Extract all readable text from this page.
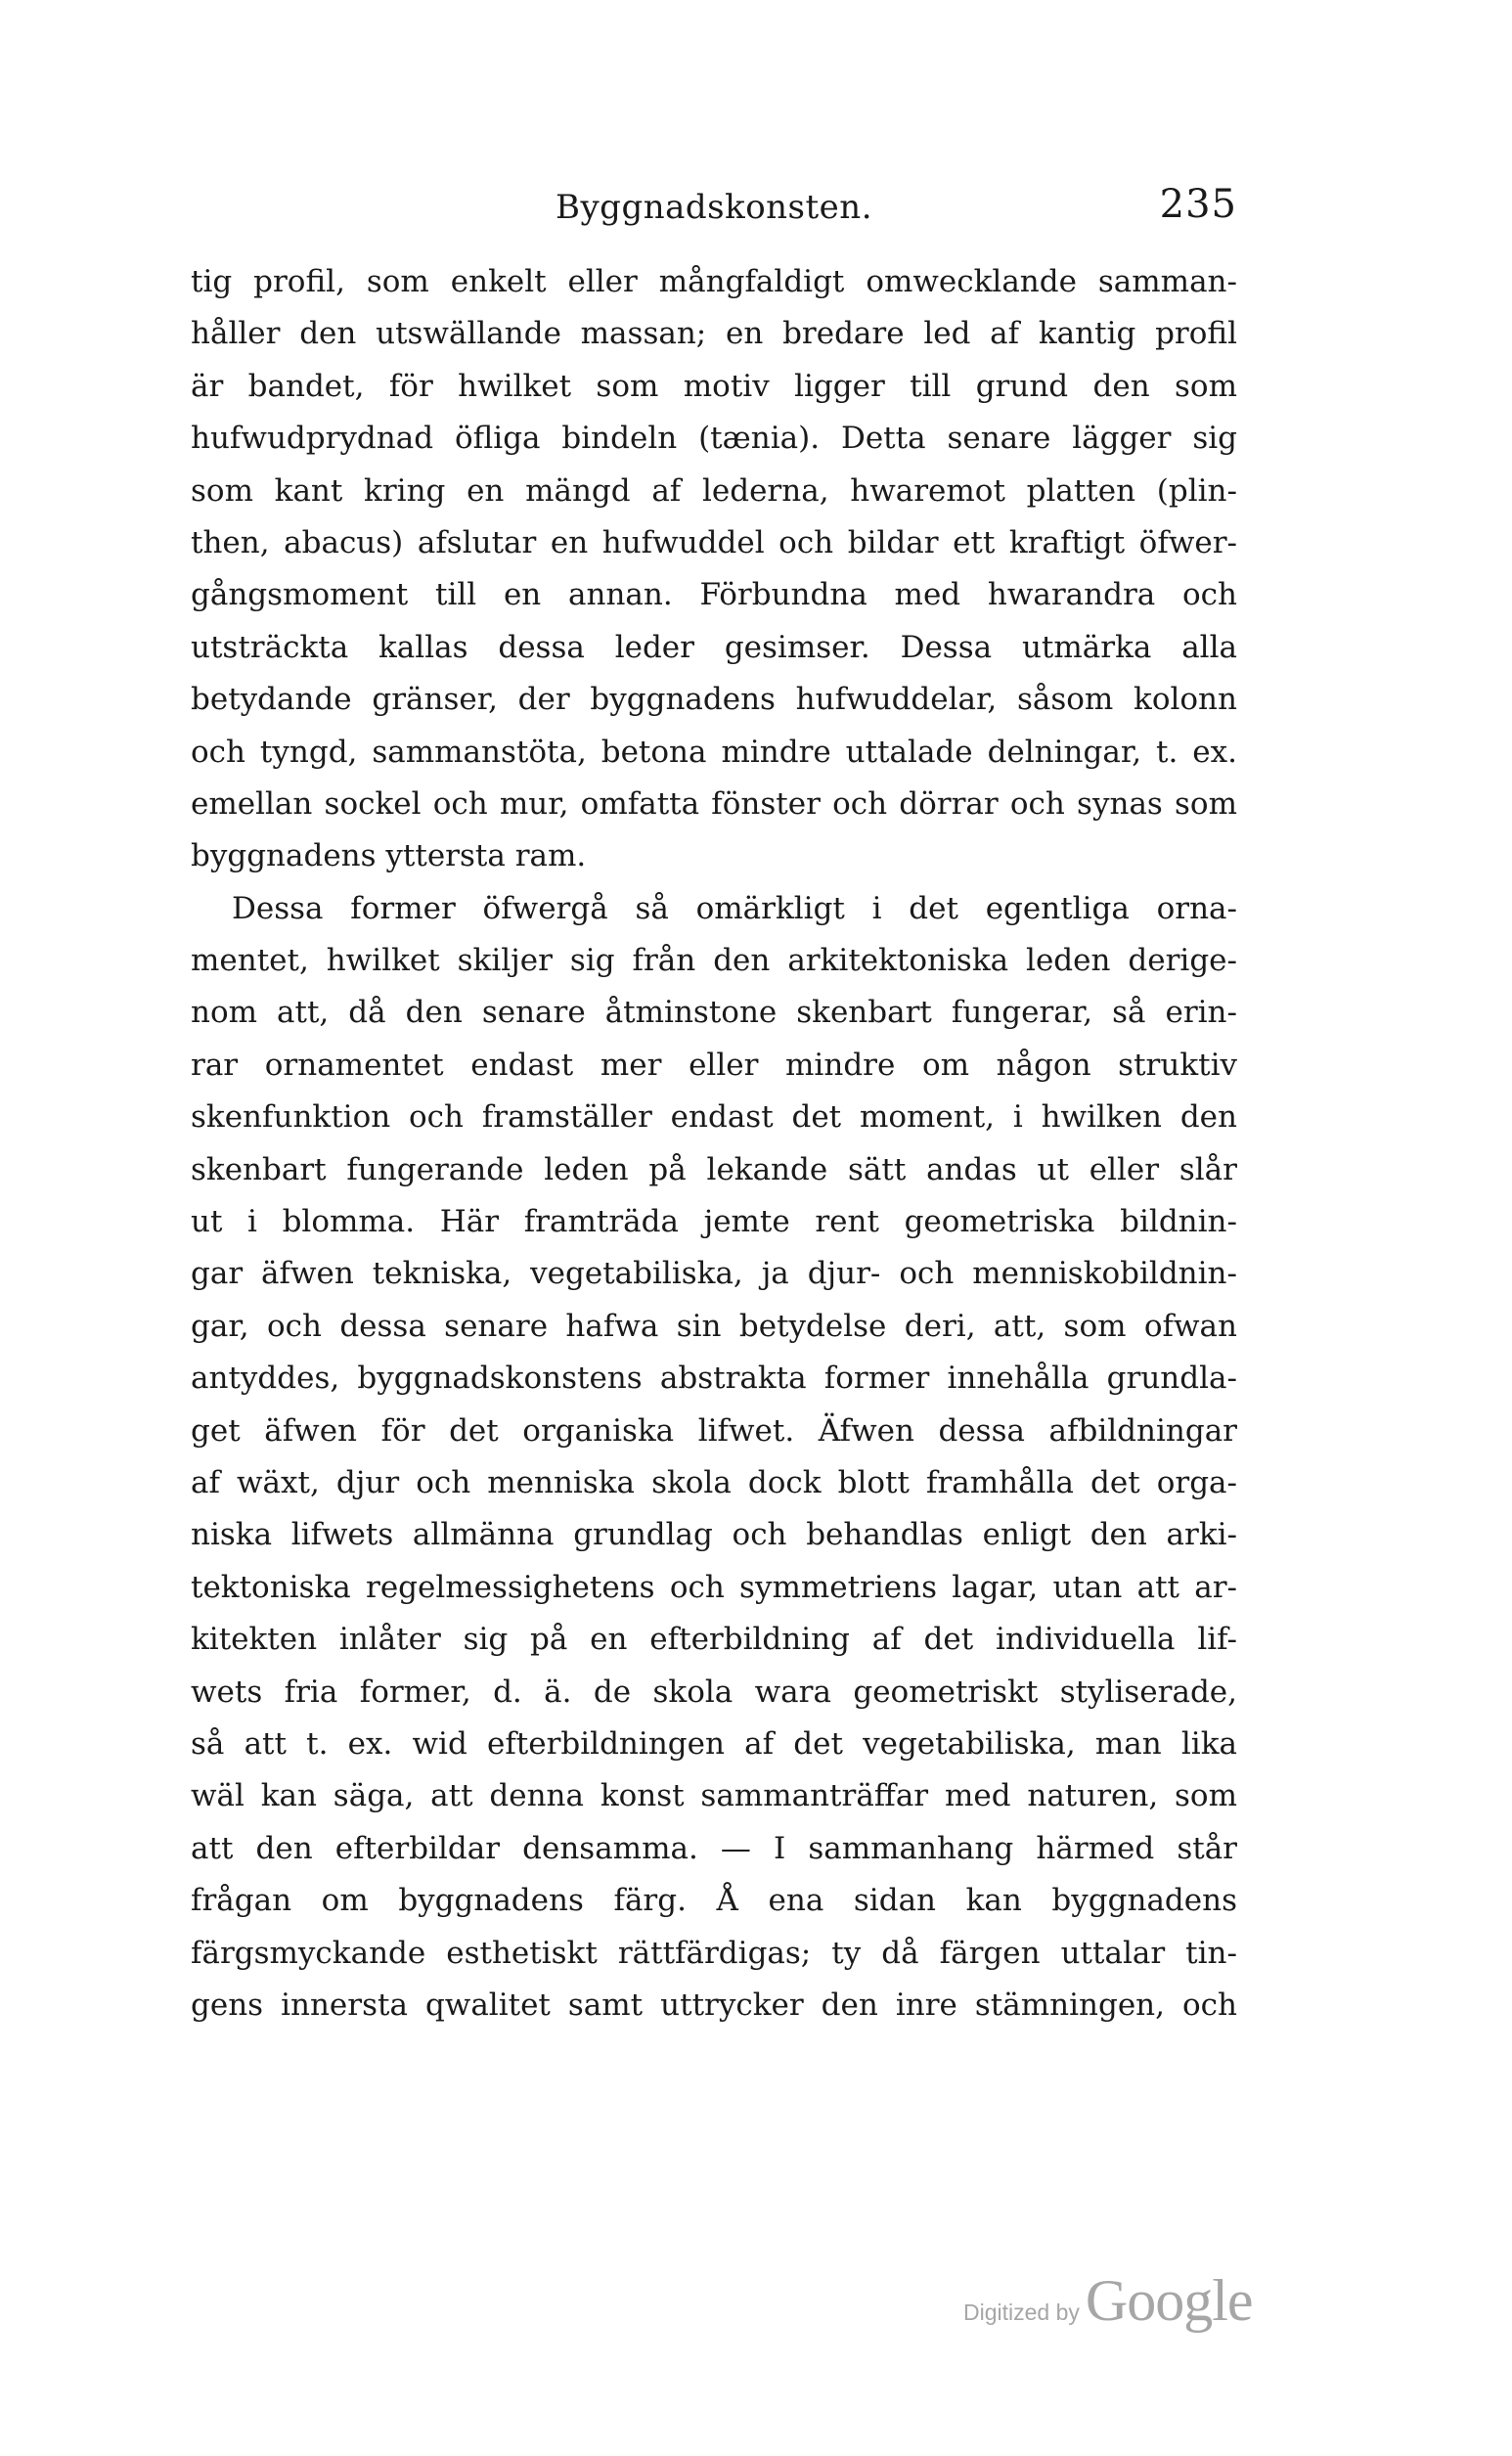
Byggnadskonsten.	235
tig profil, som enkelt eller mångfaldigt omwecklande samman-
håller den utswällande massan; en bredare led af kantig profil
är bandet, för hwilket som motiv ligger till grund den som
hufwudprydnad öfliga bindeln (tænia). Detta senare lägger sig
som kant kring en mängd af lederna, hwaremot platten (plin-
then, abacus) afslutar en hufwuddel och bildar ett kraftigt öfwer-
gångsmoment till en annan. Förbundna med hwarandra och
utsträckta kallas dessa leder gesimser. Dessa utmärka alla
betydande gränser, der byggnadens hufwuddelar, såsom kolonn
och tyngd, sammanstöta, betona mindre uttalade delningar, t. ex.
emellan sockel och mur, omfatta fönster och dörrar och synas som
byggnadens yttersta ram.
Dessa former öfwergå så omärkligt i det egentliga orna-
mentet, hwilket skiljer sig från den arkitektoniska leden derige-
nom att, då den senare åtminstone skenbart fungerar, så erin-
rar ornamentet endast mer eller mindre om någon struktiv
skenfunktion och framställer endast det moment, i hwilken den
skenbart fungerande leden på lekande sätt andas ut eller slår
ut i blomma. Här framträda jemte rent geometriska bildnin-
gar äfwen tekniska, vegetabiliska, ja djur- och menniskobildnin-
gar, och dessa senare hafwa sin betydelse deri, att, som ofwan
antyddes, byggnadskonstens abstrakta former innehålla grundla-
get äfwen för det organiska lifwet. Äfwen dessa afbildningar
af wäxt, djur och menniska skola dock blott framhålla det orga-
niska lifwets allmänna grundlag och behandlas enligt den arki-
tektoniska regelmessighetens och symmetriens lagar, utan att ar-
kitekten inlåter sig på en efterbildning af det individuella lif-
wets fria former, d. ä. de skola wara geometriskt styliserade,
så att t. ex. wid efterbildningen af det vegetabiliska, man lika
wäl kan säga, att denna konst sammanträffar med naturen, som
att den efterbildar densamma. — I sammanhang härmed står
frågan om byggnadens färg. Å ena sidan kan byggnadens
färgsmyckande esthetiskt rättfärdigas; ty då färgen uttalar tin-
gens innersta qwalitet samt uttrycker den inre stämningen, och
Digitized by Google
